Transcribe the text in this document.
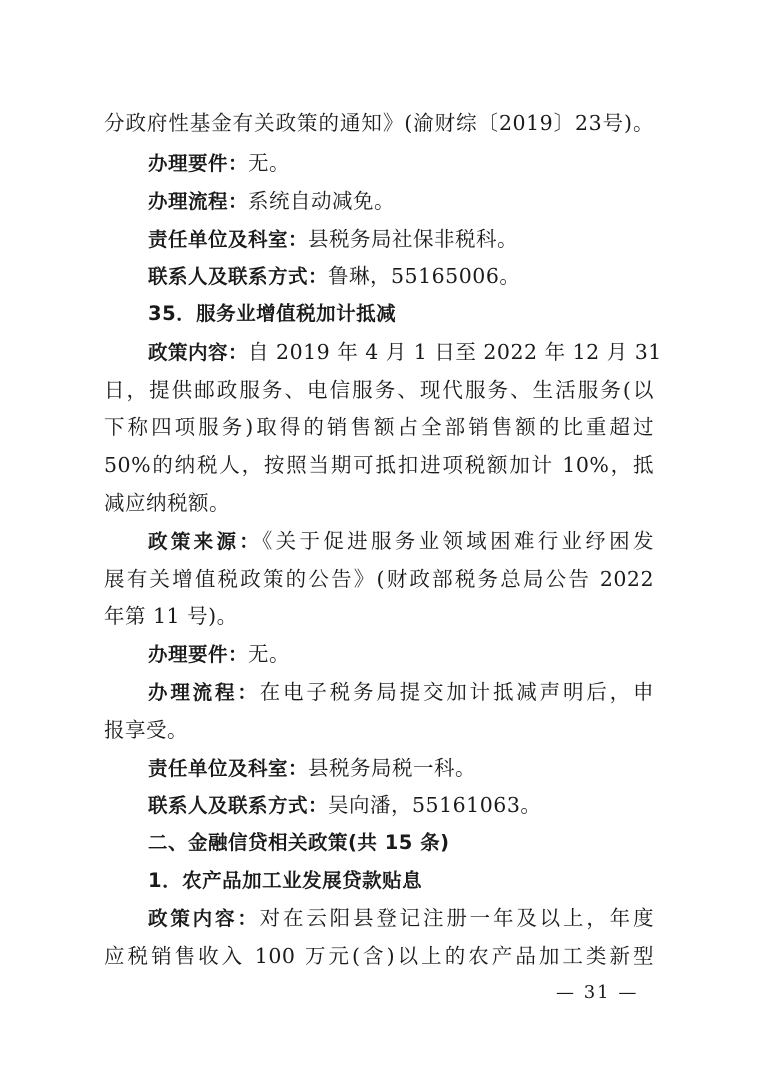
分政府性基金有关政策的通知》(渝财综〔2019〕23号)。
办理要件：无。
办理流程：系统自动减免。
责任单位及科室：县税务局社保非税科。
联系人及联系方式：鲁琳，55165006。
35．服务业增值税加计抵减
政策内容：自 2019 年 4 月 1 日至 2022 年 12 月 31
日，提供邮政服务、电信服务、现代服务、生活服务(以
下称四项服务)取得的销售额占全部销售额的比重超过
50%的纳税人，按照当期可抵扣进项税额加计 10%，抵
减应纳税额。
政策来源：《关于促进服务业领域困难行业纾困发
展有关增值税政策的公告》(财政部税务总局公告 2022
年第 11 号)。
办理要件：无。
办理流程：在电子税务局提交加计抵减声明后，申
报享受。
责任单位及科室：县税务局税一科。
联系人及联系方式：吴向潘，55161063。
二、金融信贷相关政策(共 15 条)
1．农产品加工业发展贷款贴息
政策内容：对在云阳县登记注册一年及以上，年度
应税销售收入 100 万元(含)以上的农产品加工类新型
— 31 —
